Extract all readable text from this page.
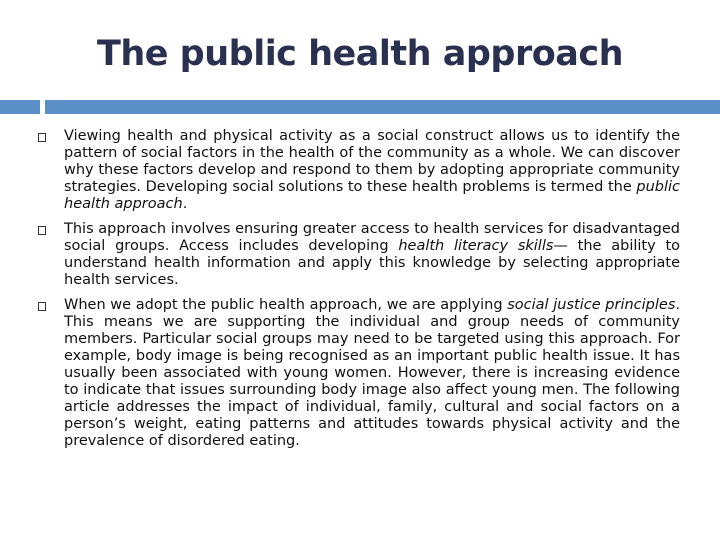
The public health approach
Viewing health and physical activity as a social construct allows us to identify the pattern of social factors in the health of the community as a whole. We can discover why these factors develop and respond to them by adopting appropriate community strategies. Developing social solutions to these health problems is termed the public health approach.
This approach involves ensuring greater access to health services for disadvantaged social groups. Access includes developing health literacy skills— the ability to understand health information and apply this knowledge by selecting appropriate health services.
When we adopt the public health approach, we are applying social justice principles. This means we are supporting the individual and group needs of community members. Particular social groups may need to be targeted using this approach. For example, body image is being recognised as an important public health issue. It has usually been associated with young women. However, there is increasing evidence to indicate that issues surrounding body image also affect young men. The following article addresses the impact of individual, family, cultural and social factors on a person’s weight, eating patterns and attitudes towards physical activity and the prevalence of disordered eating.
